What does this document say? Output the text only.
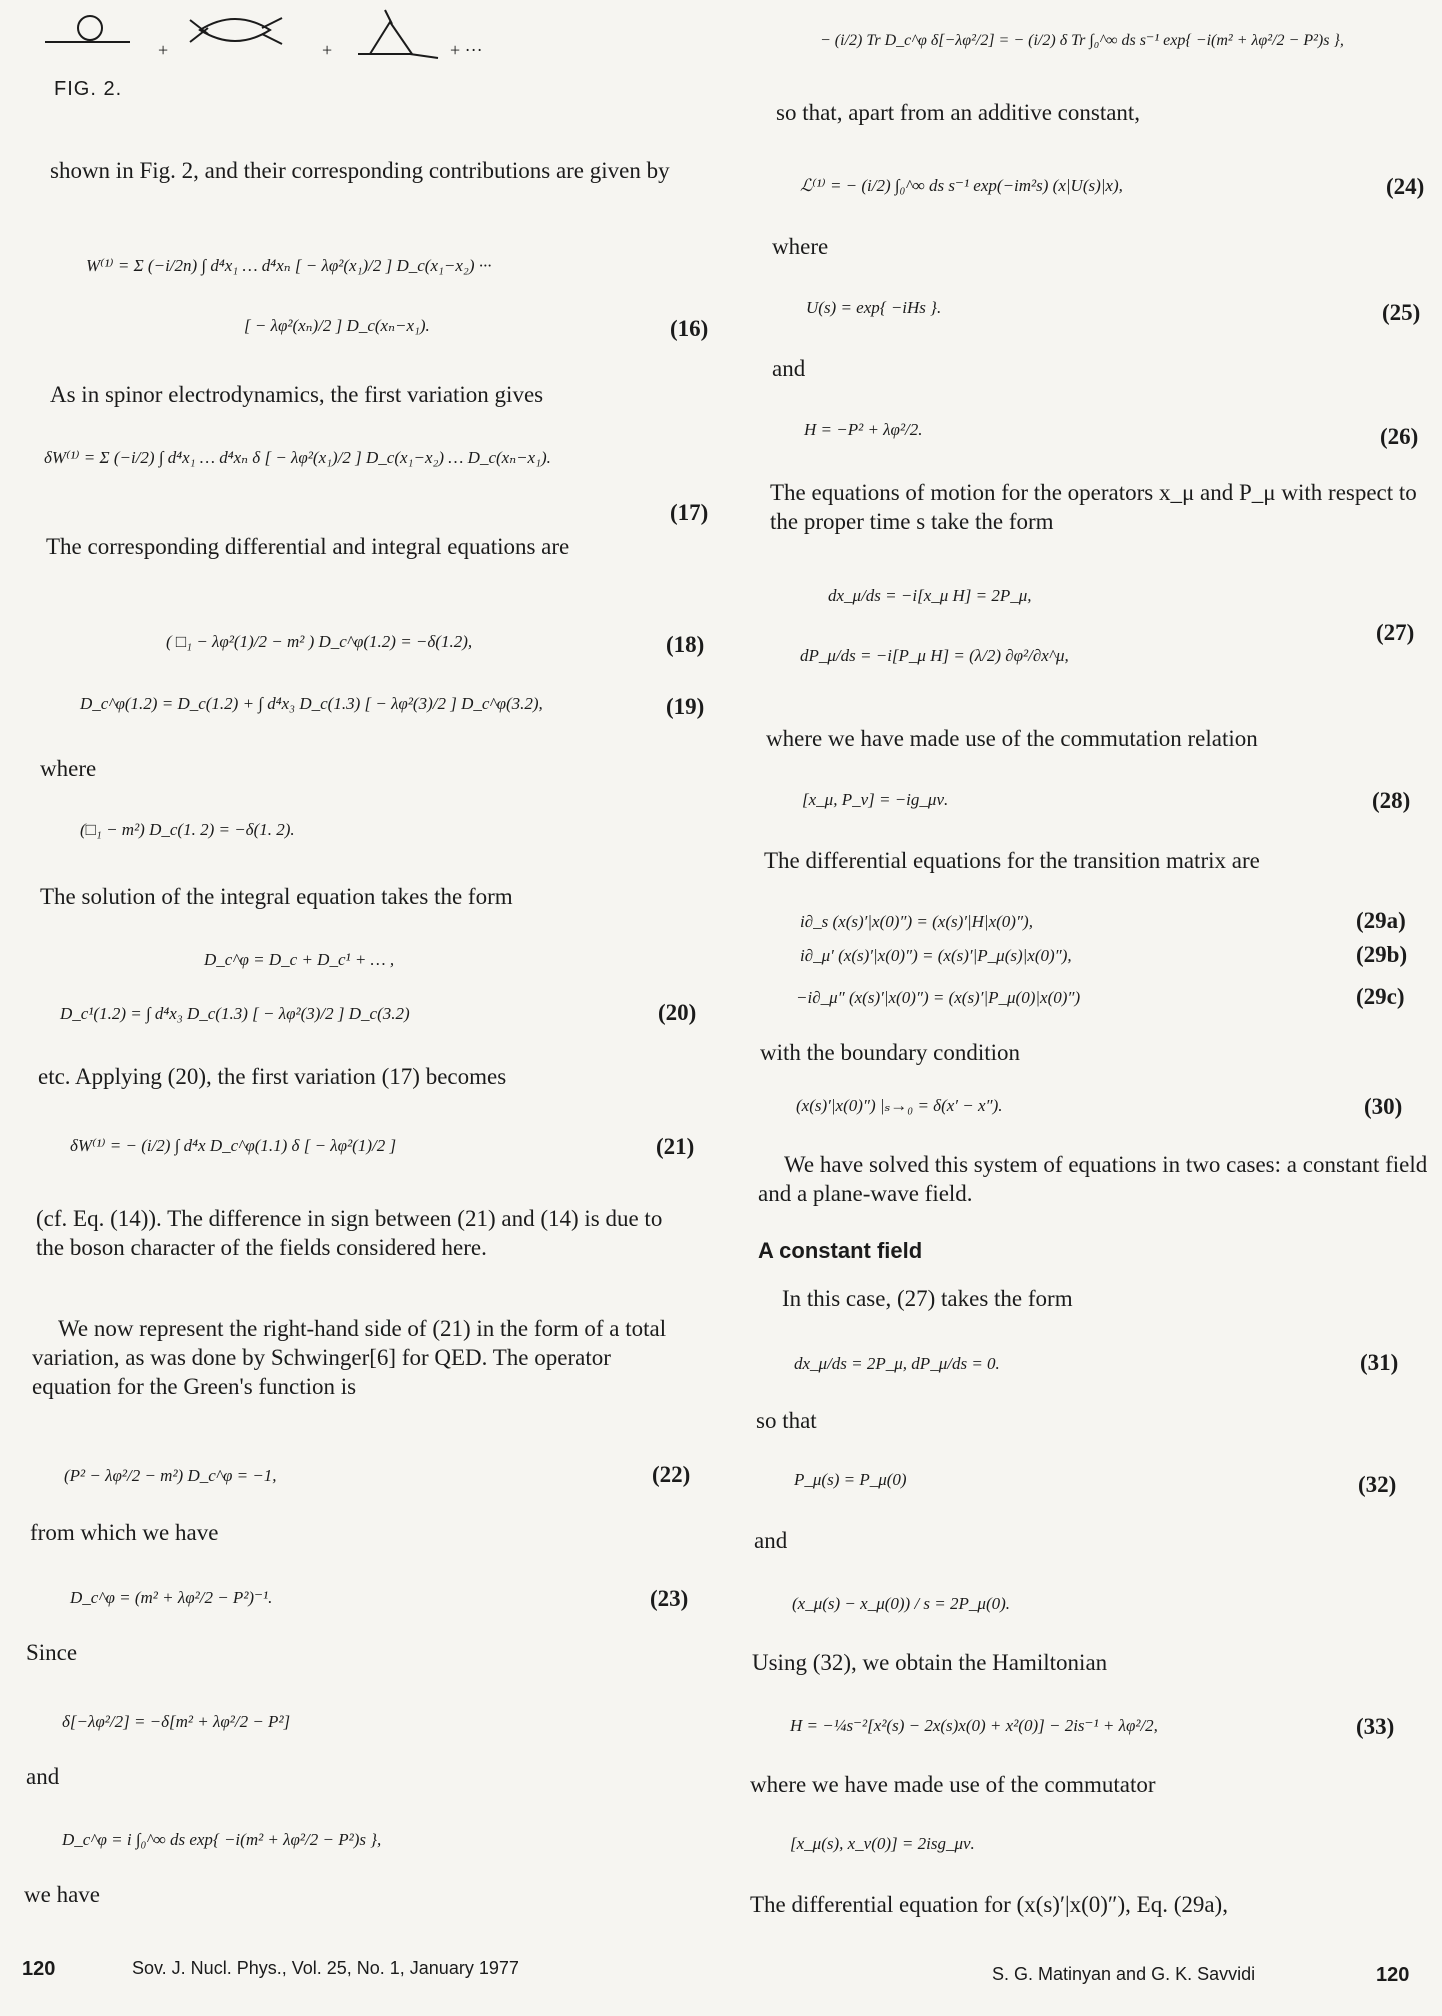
+	+	+ ···
FIG. 2.
shown in Fig. 2, and their corresponding contributions are given by
W⁽¹⁾ = Σ (−i/2n) ∫ d⁴x₁ … d⁴xₙ [ − λφ²(x₁)/2 ] D_c(x₁−x₂) ···
[ − λφ²(xₙ)/2 ] D_c(xₙ−x₁).	(16)
As in spinor electrodynamics, the first variation gives
δW⁽¹⁾ = Σ (−i/2) ∫ d⁴x₁ … d⁴xₙ δ [ − λφ²(x₁)/2 ] D_c(x₁−x₂) … D_c(xₙ−x₁).
(17)
The corresponding differential and integral equations are
( □₁ − λφ²(1)/2 − m² ) D_c^φ(1.2) = −δ(1.2),	(18)
D_c^φ(1.2) = D_c(1.2) + ∫ d⁴x₃ D_c(1.3) [ − λφ²(3)/2 ] D_c^φ(3.2),	(19)
where
(□₁ − m²) D_c(1. 2) = −δ(1. 2).
The solution of the integral equation takes the form
D_c^φ = D_c + D_c¹ + … ,
D_c¹(1.2) = ∫ d⁴x₃ D_c(1.3) [ − λφ²(3)/2 ] D_c(3.2)	(20)
etc. Applying (20), the first variation (17) becomes
δW⁽¹⁾ = − (i/2) ∫ d⁴x D_c^φ(1.1) δ [ − λφ²(1)/2 ]	(21)
(cf. Eq. (14)). The difference in sign between (21) and (14) is due to the boson character of the fields considered here.
We now represent the right-hand side of (21) in the form of a total variation, as was done by Schwinger[6] for QED. The operator equation for the Green's function is
(P² − λφ²/2 − m²) D_c^φ = −1,	(22)
from which we have
D_c^φ = (m² + λφ²/2 − P²)⁻¹.	(23)
Since
δ[−λφ²/2] = −δ[m² + λφ²/2 − P²]
and
D_c^φ = i ∫₀^∞ ds exp{ −i(m² + λφ²/2 − P²)s },
we have
− (i/2) Tr D_c^φ δ[−λφ²/2] = − (i/2) δ Tr ∫₀^∞ ds s⁻¹ exp{ −i(m² + λφ²/2 − P²)s },
so that, apart from an additive constant,
ℒ⁽¹⁾ = − (i/2) ∫₀^∞ ds s⁻¹ exp(−im²s) (x|U(s)|x),	(24)
where
U(s) = exp{ −iHs }.	(25)
and
H = −P² + λφ²/2.	(26)
The equations of motion for the operators x_μ and P_μ with respect to the proper time s take the form
dx_μ/ds = −i[x_μ H] = 2P_μ,
dP_μ/ds = −i[P_μ H] = (λ/2) ∂φ²/∂x^μ,
(27)
where we have made use of the commutation relation
[x_μ, P_ν] = −ig_μν.	(28)
The differential equations for the transition matrix are
i∂_s (x(s)′|x(0)″) = (x(s)′|H|x(0)″),	(29a)
i∂_μ′ (x(s)′|x(0)″) = (x(s)′|P_μ(s)|x(0)″),	(29b)
−i∂_μ″ (x(s)′|x(0)″) = (x(s)′|P_μ(0)|x(0)″)	(29c)
with the boundary condition
(x(s)′|x(0)″) |ₛ→₀ = δ(x′ − x″).	(30)
We have solved this system of equations in two cases: a constant field and a plane-wave field.
A constant field
In this case, (27) takes the form
dx_μ/ds = 2P_μ, dP_μ/ds = 0.	(31)
so that
P_μ(s) = P_μ(0)	(32)
and
(x_μ(s) − x_μ(0)) / s = 2P_μ(0).
Using (32), we obtain the Hamiltonian
H = −¼s⁻²[x²(s) − 2x(s)x(0) + x²(0)] − 2is⁻¹ + λφ²/2,	(33)
where we have made use of the commutator
[x_μ(s), x_ν(0)] = 2isg_μν.
The differential equation for (x(s)′|x(0)″), Eq. (29a),
120	Sov. J. Nucl. Phys., Vol. 25, No. 1, January 1977	S. G. Matinyan and G. K. Savvidi	120
